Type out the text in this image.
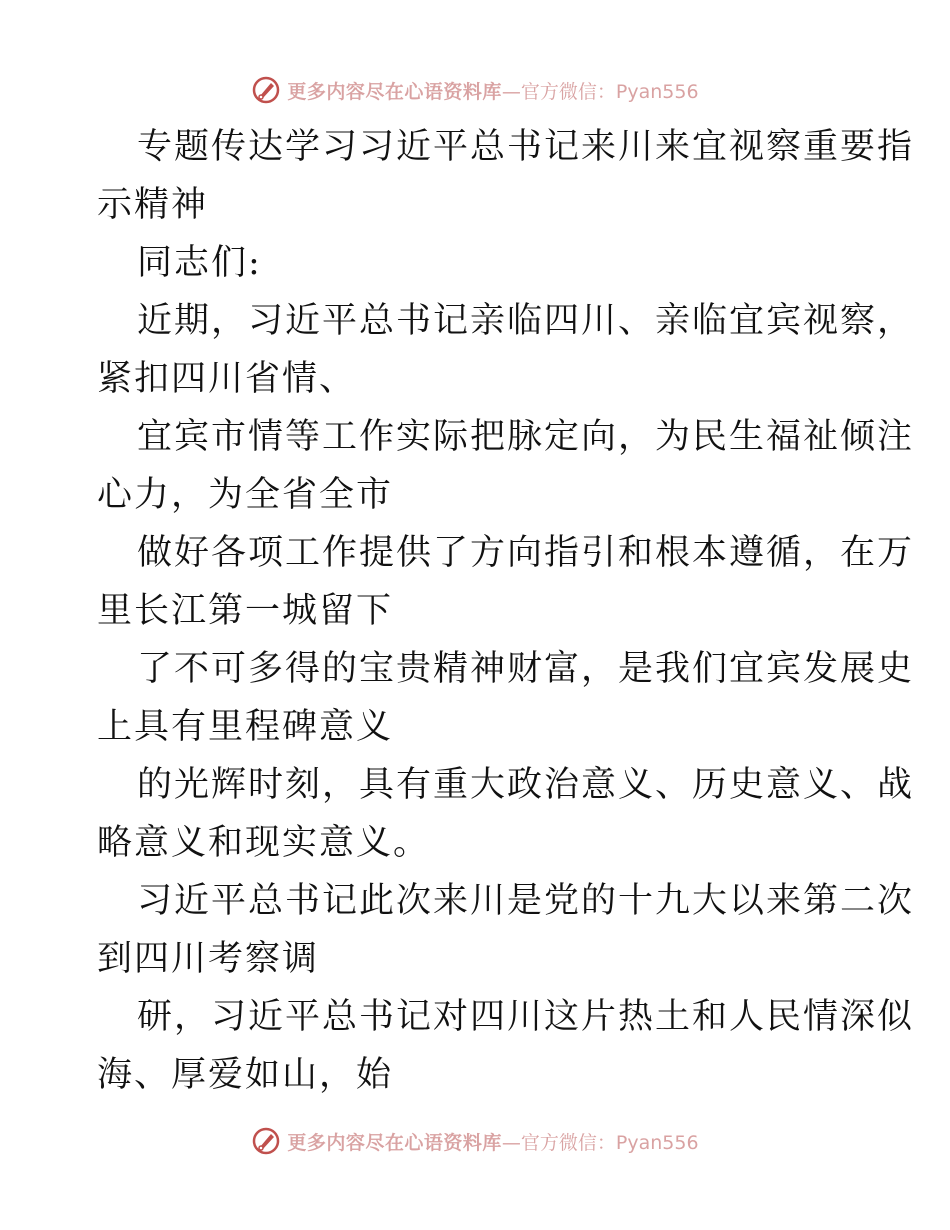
更多内容尽在心语资料库 —官方微信：Pyan556
专题传达学习习近平总书记来川来宜视察重要指
示精神
同志们:
近期，习近平总书记亲临四川、亲临宜宾视察，
紧扣四川省情、
宜宾市情等工作实际把脉定向，为民生福祉倾注
心力，为全省全市
做好各项工作提供了方向指引和根本遵循，在万
里长江第一城留下
了不可多得的宝贵精神财富，是我们宜宾发展史
上具有里程碑意义
的光辉时刻，具有重大政治意义、历史意义、战
略意义和现实意义。
习近平总书记此次来川是党的十九大以来第二次
到四川考察调
研，习近平总书记对四川这片热土和人民情深似
海、厚爱如山，始
更多内容尽在心语资料库 —官方微信：Pyan556
